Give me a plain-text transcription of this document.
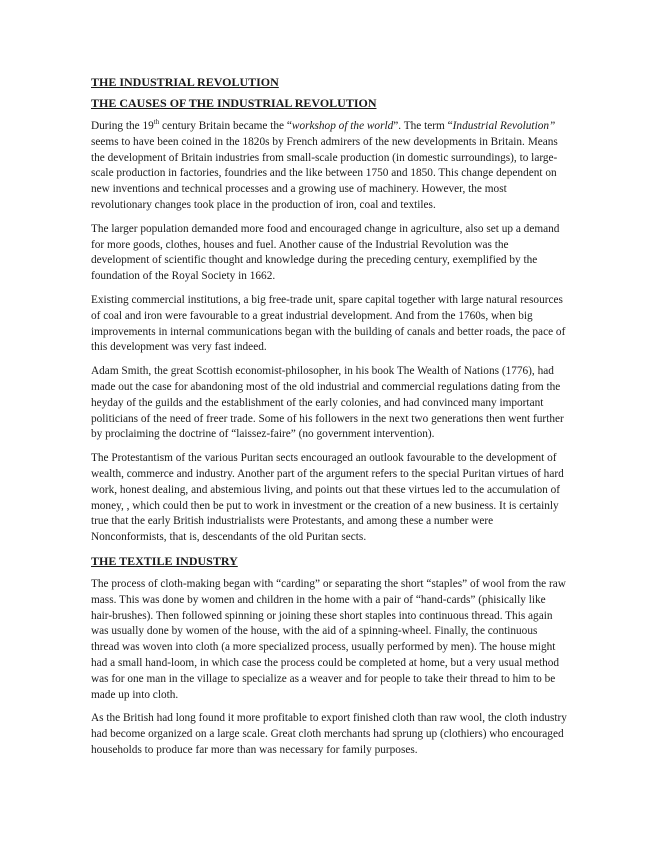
THE INDUSTRIAL REVOLUTION
THE CAUSES OF THE INDUSTRIAL REVOLUTION

During the 19th century Britain became the “workshop of the world”. The term “Industrial Revolution” seems to have been coined in the 1820s by French admirers of the new developments in Britain. Means the development of Britain industries from small-scale production (in domestic surroundings), to large-scale production in factories, foundries and the like between 1750 and 1850. This change dependent on new inventions and technical processes and a growing use of machinery. However, the most revolutionary changes took place in the production of iron, coal and textiles.

The larger population demanded more food and encouraged change in agriculture, also set up a demand for more goods, clothes, houses and fuel. Another cause of the Industrial Revolution was the development of scientific thought and knowledge during the preceding century, exemplified by the foundation of the Royal Society in 1662.

Existing commercial institutions, a big free-trade unit, spare capital together with large natural resources of coal and iron were favourable to a great industrial development. And from the 1760s, when big improvements in internal communications began with the building of canals and better roads, the pace of this development was very fast indeed.

Adam Smith, the great Scottish economist-philosopher, in his book The Wealth of Nations (1776), had made out the case for abandoning most of the old industrial and commercial regulations dating from the heyday of the guilds and the establishment of the early colonies, and had convinced many important politicians of the need of freer trade. Some of his followers in the next two generations then went further by proclaiming the doctrine of “laissez-faire” (no government intervention).

The Protestantism of the various Puritan sects encouraged an outlook favourable to the development of wealth, commerce and industry. Another part of the argument refers to the special Puritan virtues of hard work, honest dealing, and abstemious living, and points out that these virtues led to the accumulation of money, , which could then be put to work in investment or the creation of a new business. It is certainly true that the early British industrialists were Protestants, and among these a number were Nonconformists, that is, descendants of the old Puritan sects.

THE TEXTILE INDUSTRY

The process of cloth-making began with “carding” or separating the short “staples” of wool from the raw mass. This was done by women and children in the home with a pair of “hand-cards” (phisically like hair-brushes). Then followed spinning or joining these short staples into continuous thread. This again was usually done by women of the house, with the aid of a spinning-wheel. Finally, the continuous thread was woven into cloth (a more specialized process, usually performed by men). The house might had a small hand-loom, in which case the process could be completed at home, but a very usual method was for one man in the village to specialize as a weaver and for people to take their thread to him to be made up into cloth.

As the British had long found it more profitable to export finished cloth than raw wool, the cloth industry had become organized on a large scale. Great cloth merchants had sprung up (clothiers) who encouraged households to produce far more than was necessary for family purposes.
